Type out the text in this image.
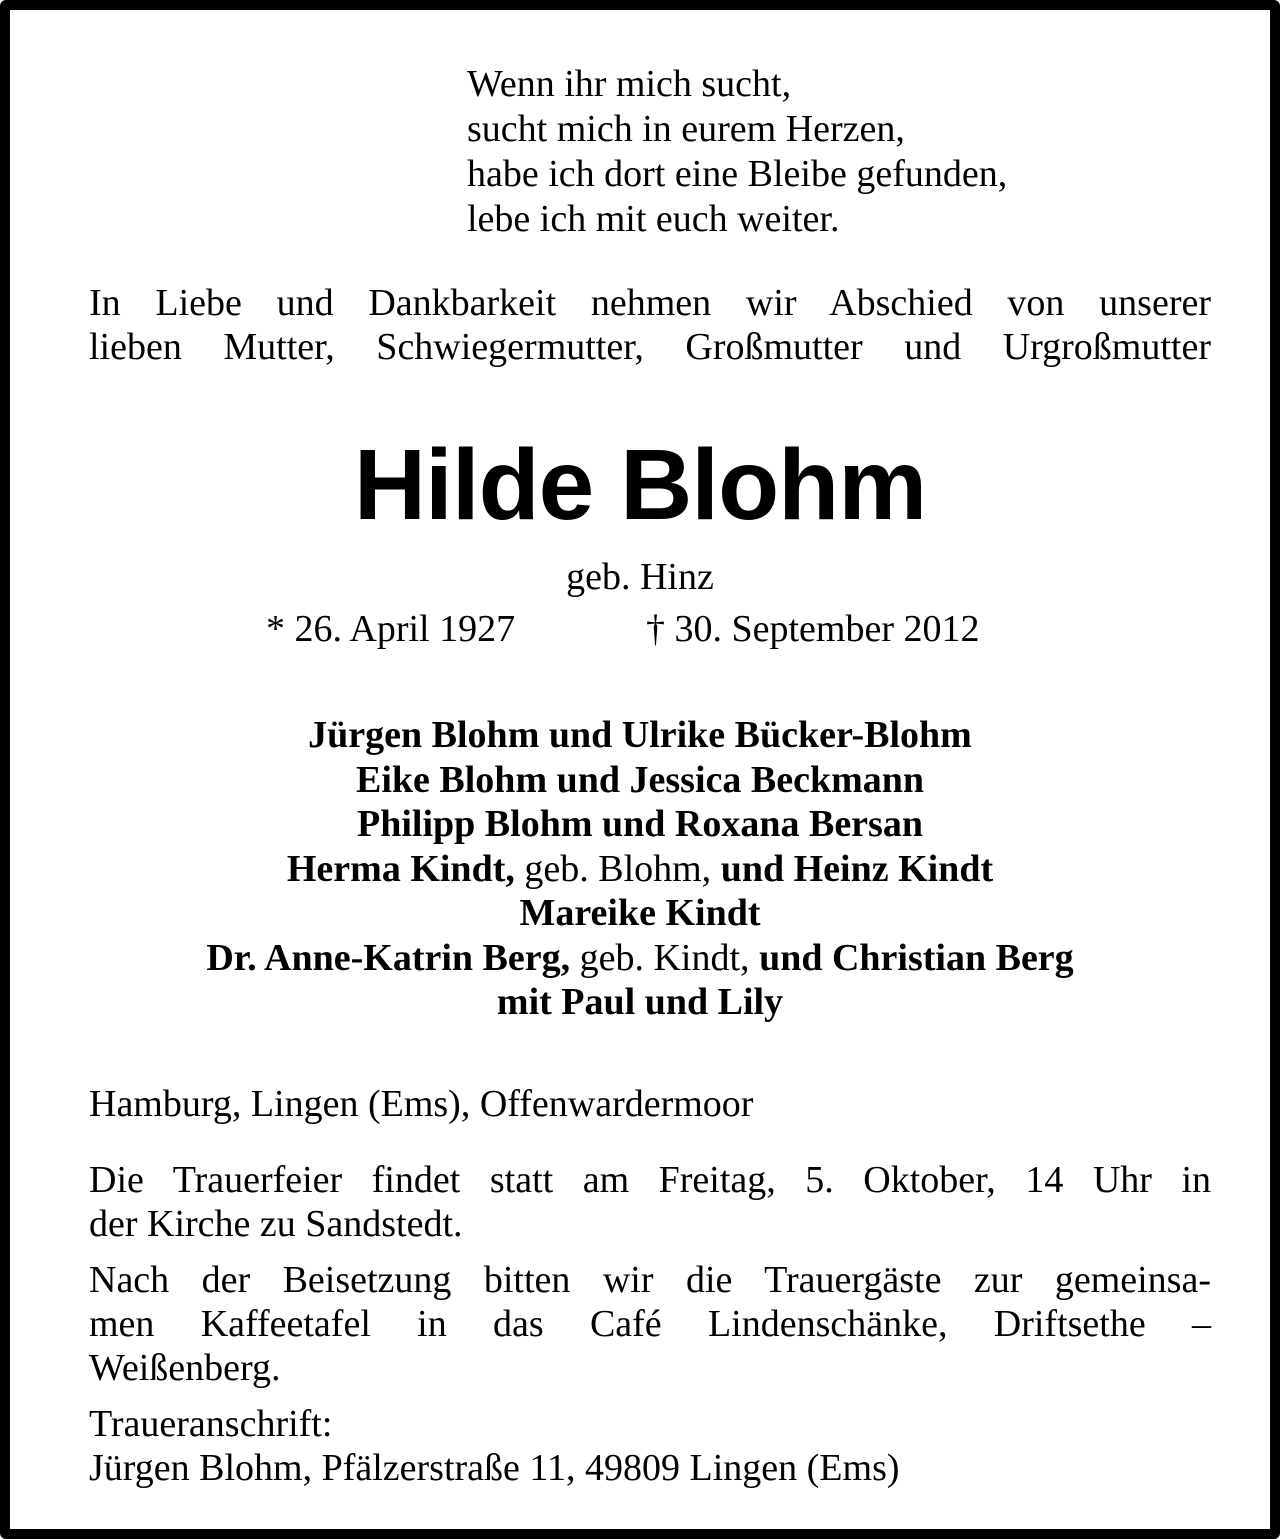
Wenn ihr mich sucht,
sucht mich in eurem Herzen,
habe ich dort eine Bleibe gefunden,
lebe ich mit euch weiter.
In Liebe und Dankbarkeit nehmen wir Abschied von unserer
lieben Mutter, Schwiegermutter, Großmutter und Urgroßmutter
Hilde Blohm
geb. Hinz
* 26. April 1927	† 30. September 2012
Jürgen Blohm und Ulrike Bücker-Blohm
Eike Blohm und Jessica Beckmann
Philipp Blohm und Roxana Bersan
Herma Kindt, geb. Blohm, und Heinz Kindt
Mareike Kindt
Dr. Anne-Katrin Berg, geb. Kindt, und Christian Berg
mit Paul und Lily
Hamburg, Lingen (Ems), Offenwardermoor
Die Trauerfeier findet statt am Freitag, 5. Oktober, 14 Uhr in
der Kirche zu Sandstedt.
Nach der Beisetzung bitten wir die Trauergäste zur gemeinsa-
men Kaffeetafel in das Café Lindenschänke, Driftsethe –
Weißenberg.
Traueranschrift:
Jürgen Blohm, Pfälzerstraße 11, 49809 Lingen (Ems)
